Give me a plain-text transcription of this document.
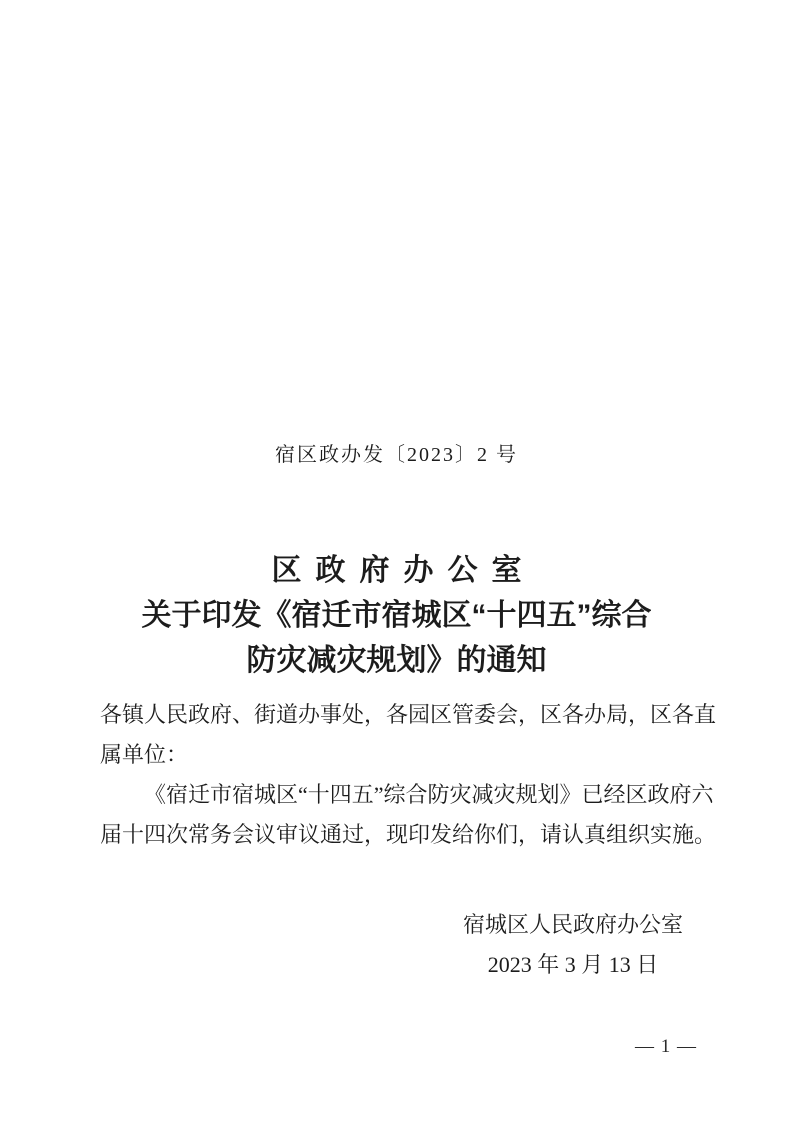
宿区政办发〔2023〕2 号
区政府办公室
关于印发《宿迁市宿城区“十四五”综合
防灾减灾规划》的通知
各镇人民政府、街道办事处，各园区管委会，区各办局，区各直
属单位：
《宿迁市宿城区“十四五”综合防灾减灾规划》已经区政府六
届十四次常务会议审议通过，现印发给你们，请认真组织实施。
宿城区人民政府办公室
2023 年 3 月 13 日
— 1 —
